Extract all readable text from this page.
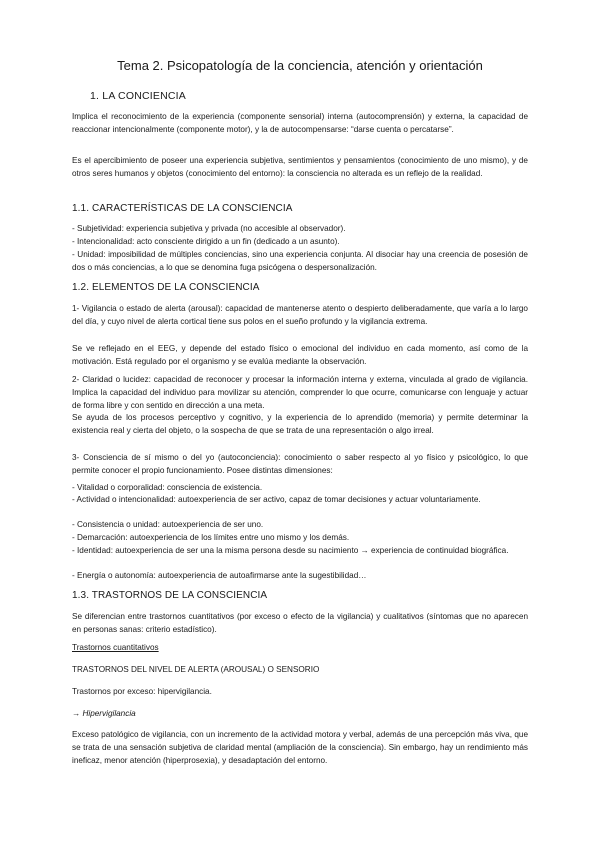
Tema 2. Psicopatología de la conciencia, atención y orientación
1. LA CONCIENCIA

Implica el reconocimiento de la experiencia (componente sensorial) interna (autocomprensión) y externa, la capacidad de reaccionar intencionalmente (componente motor), y la de autocompensarse: “darse cuenta o percatarse”.

Es el apercibimiento de poseer una experiencia subjetiva, sentimientos y pensamientos (conocimiento de uno mismo), y de otros seres humanos y objetos (conocimiento del entorno): la consciencia no alterada es un reflejo de la realidad.

1.1. CARACTERÍSTICAS DE LA CONSCIENCIA

- Subjetividad: experiencia subjetiva y privada (no accesible al observador).

- Intencionalidad: acto consciente dirigido a un fin (dedicado a un asunto).

- Unidad: imposibilidad de múltiples conciencias, sino una experiencia conjunta. Al disociar hay una creencia de posesión de dos o más conciencias, a lo que se denomina fuga psicógena o despersonalización.

1.2. ELEMENTOS DE LA CONSCIENCIA

1- Vigilancia o estado de alerta (arousal): capacidad de mantenerse atento o despierto deliberadamente, que varía a lo largo del día, y cuyo nivel de alerta cortical tiene sus polos en el sueño profundo y la vigilancia extrema.

Se ve reflejado en el EEG, y depende del estado físico o emocional del individuo en cada momento, así como de la motivación. Está regulado por el organismo y se evalúa mediante la observación.

2- Claridad o lucidez: capacidad de reconocer y procesar la información interna y externa, vinculada al grado de vigilancia. Implica la capacidad del individuo para movilizar su atención, comprender lo que ocurre, comunicarse con lenguaje y actuar de forma libre y con sentido en dirección a una meta.

Se ayuda de los procesos perceptivo y cognitivo, y la experiencia de lo aprendido (memoria) y permite determinar la existencia real y cierta del objeto, o la sospecha de que se trata de una representación o algo irreal.

3- Consciencia de sí mismo o del yo (autoconciencia): conocimiento o saber respecto al yo físico y psicológico, lo que permite conocer el propio funcionamiento. Posee distintas dimensiones:

- Vitalidad o corporalidad: consciencia de existencia.

- Actividad o intencionalidad: autoexperiencia de ser activo, capaz de tomar decisiones y actuar voluntariamente.

- Consistencia o unidad: autoexperiencia de ser uno.

- Demarcación: autoexperiencia de los límites entre uno mismo y los demás.

- Identidad: autoexperiencia de ser una la misma persona desde su nacimiento → experiencia de continuidad biográfica.

- Energía o autonomía: autoexperiencia de autoafirmarse ante la sugestibilidad…

1.3. TRASTORNOS DE LA CONSCIENCIA

Se diferencian entre trastornos cuantitativos (por exceso o efecto de la vigilancia) y cualitativos (síntomas que no aparecen en personas sanas: criterio estadístico).

Trastornos cuantitativos

TRASTORNOS DEL NIVEL DE ALERTA (AROUSAL) O SENSORIO

Trastornos por exceso: hipervigilancia.

→ Hipervigilancia

Exceso patológico de vigilancia, con un incremento de la actividad motora y verbal, además de una percepción más viva, que se trata de una sensación subjetiva de claridad mental (ampliación de la consciencia). Sin embargo, hay un rendimiento más ineficaz, menor atención (hiperprosexia), y desadaptación del entorno.
